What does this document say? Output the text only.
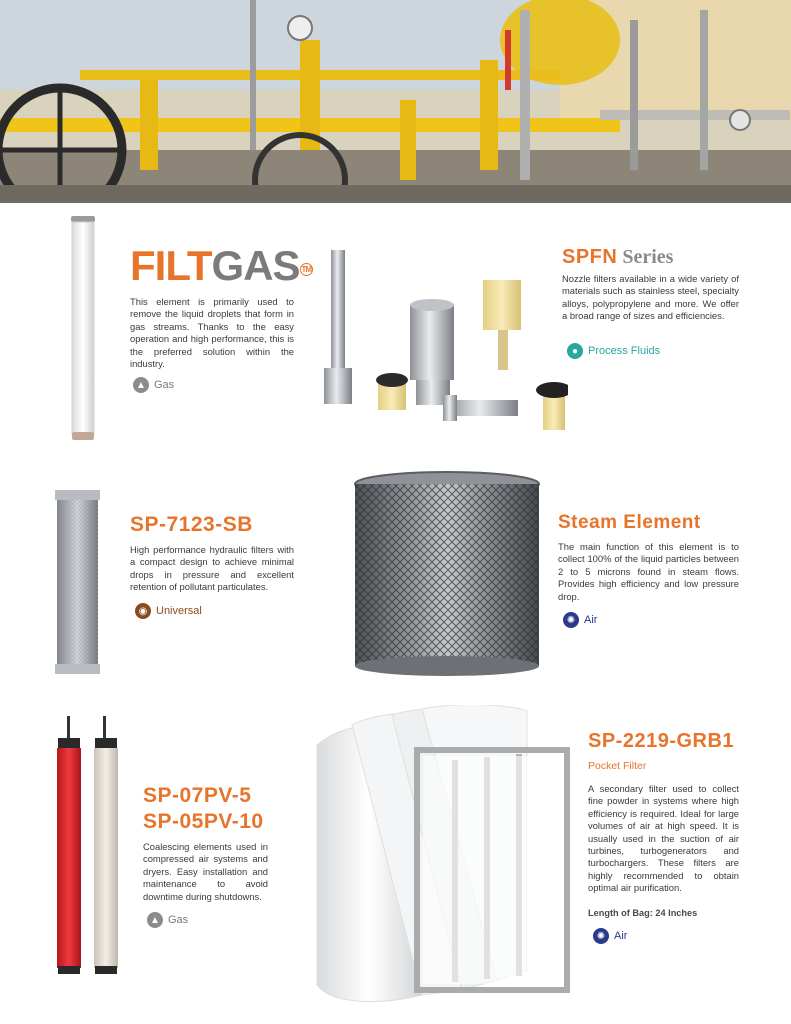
FILTGAS ™
This element is primarily used to remove the liquid droplets that form in gas streams. Thanks to the easy operation and high performance, this is the preferred solution within the industry.
▲ Gas
SPFN Series
Nozzle filters available in a wide variety of materials such as stainless steel, specialty alloys, polypropylene and more. We offer a broad range of sizes and efficiencies.
● Process Fluids
SP-7123-SB
High performance hydraulic filters with a compact design to achieve minimal drops in pressure and excellent retention of pollutant particulates.
◉ Universal
Steam Element
The main function of this element is to collect 100% of the liquid particles between 2 to 5 microns found in steam flows. Provides high efficiency and low pressure drop.
✺ Air
SP-07PV-5
SP-05PV-10
Coalescing elements used in compressed air systems and dryers. Easy installation and maintenance to avoid downtime during shutdowns.
▲ Gas
SP-2219-GRB1
Pocket Filter
A secondary filter used to collect fine powder in systems where high efficiency is required. Ideal for large volumes of air at high speed. It is usually used in the suction of air turbines, turbogenerators and turbochargers. These filters are highly recommended to obtain optimal air purification.
Length of Bag: 24 Inches
✺ Air
